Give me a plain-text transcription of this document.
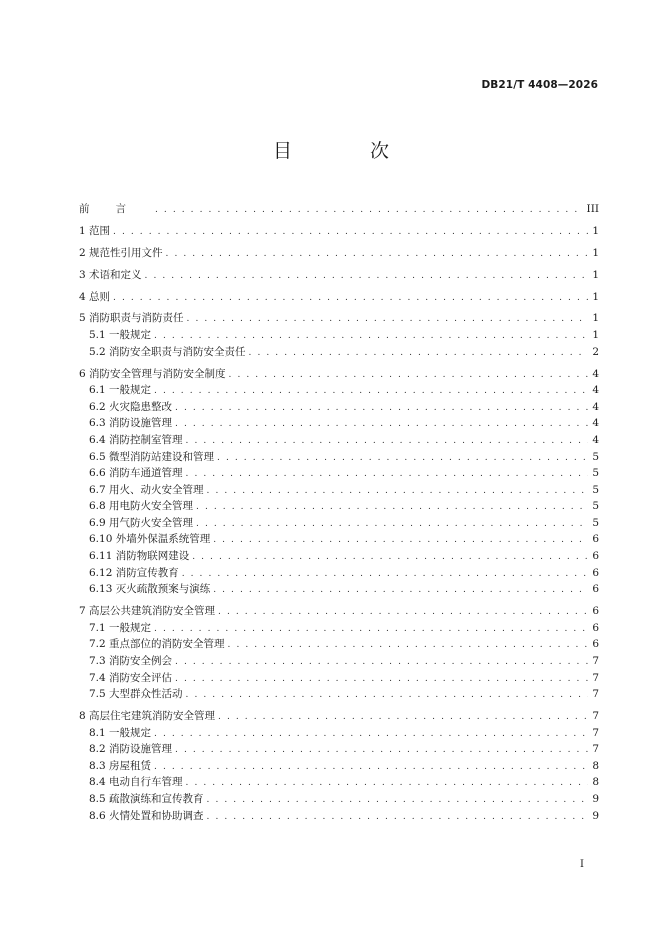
DB21/T 4408—2026
目 次
前言 . . .	III
1 范围 . . .	1
2 规范性引用文件 . . .	1
3 术语和定义 . . .	1
4 总则 . . .	1
5 消防职责与消防责任 . . .	1
5.1 一般规定 . . .	1
5.2 消防安全职责与消防安全责任 . . .	2
6 消防安全管理与消防安全制度 . . .	4
6.1 一般规定 . . .	4
6.2 火灾隐患整改 . . .	4
6.3 消防设施管理 . . .	4
6.4 消防控制室管理 . . .	4
6.5 微型消防站建设和管理 . . .	5
6.6 消防车通道管理 . . .	5
6.7 用火、动火安全管理 . . .	5
6.8 用电防火安全管理 . . .	5
6.9 用气防火安全管理 . . .	5
6.10 外墙外保温系统管理 . . .	6
6.11 消防物联网建设 . . .	6
6.12 消防宣传教育 . . .	6
6.13 灭火疏散预案与演练 . . .	6
7 高层公共建筑消防安全管理 . . .	6
7.1 一般规定 . . .	6
7.2 重点部位的消防安全管理 . . .	6
7.3 消防安全例会 . . .	7
7.4 消防安全评估 . . .	7
7.5 大型群众性活动 . . .	7
8 高层住宅建筑消防安全管理 . . .	7
8.1 一般规定 . . .	7
8.2 消防设施管理 . . .	7
8.3 房屋租赁 . . .	8
8.4 电动自行车管理 . . .	8
8.5 疏散演练和宣传教育 . . .	9
8.6 火情处置和协助调查 . . .	9
I
